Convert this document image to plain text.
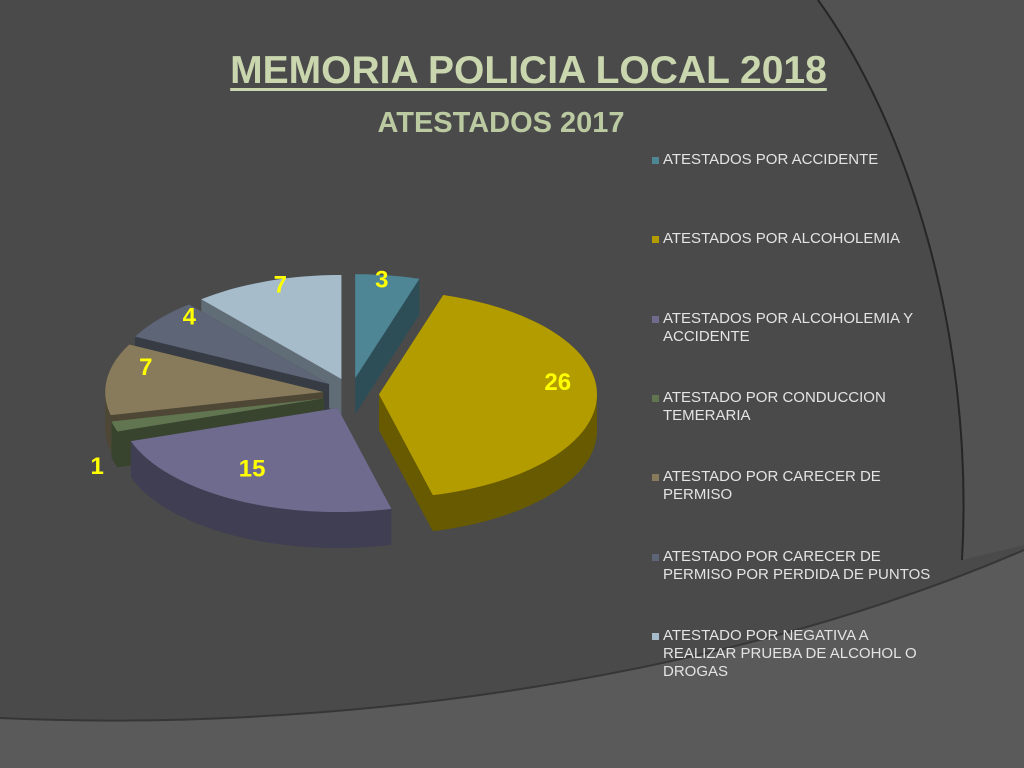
3
26
15
1
7
4
7
MEMORIA POLICIA LOCAL 2018
ATESTADOS 2017
ATESTADOS POR ACCIDENTE
ATESTADOS POR ALCOHOLEMIA
ATESTADOS POR ALCOHOLEMIA Y ACCIDENTE
ATESTADO POR CONDUCCION TEMERARIA
ATESTADO POR CARECER DE PERMISO
ATESTADO POR CARECER DE PERMISO POR PERDIDA DE PUNTOS
ATESTADO POR NEGATIVA A REALIZAR PRUEBA DE ALCOHOL O DROGAS
